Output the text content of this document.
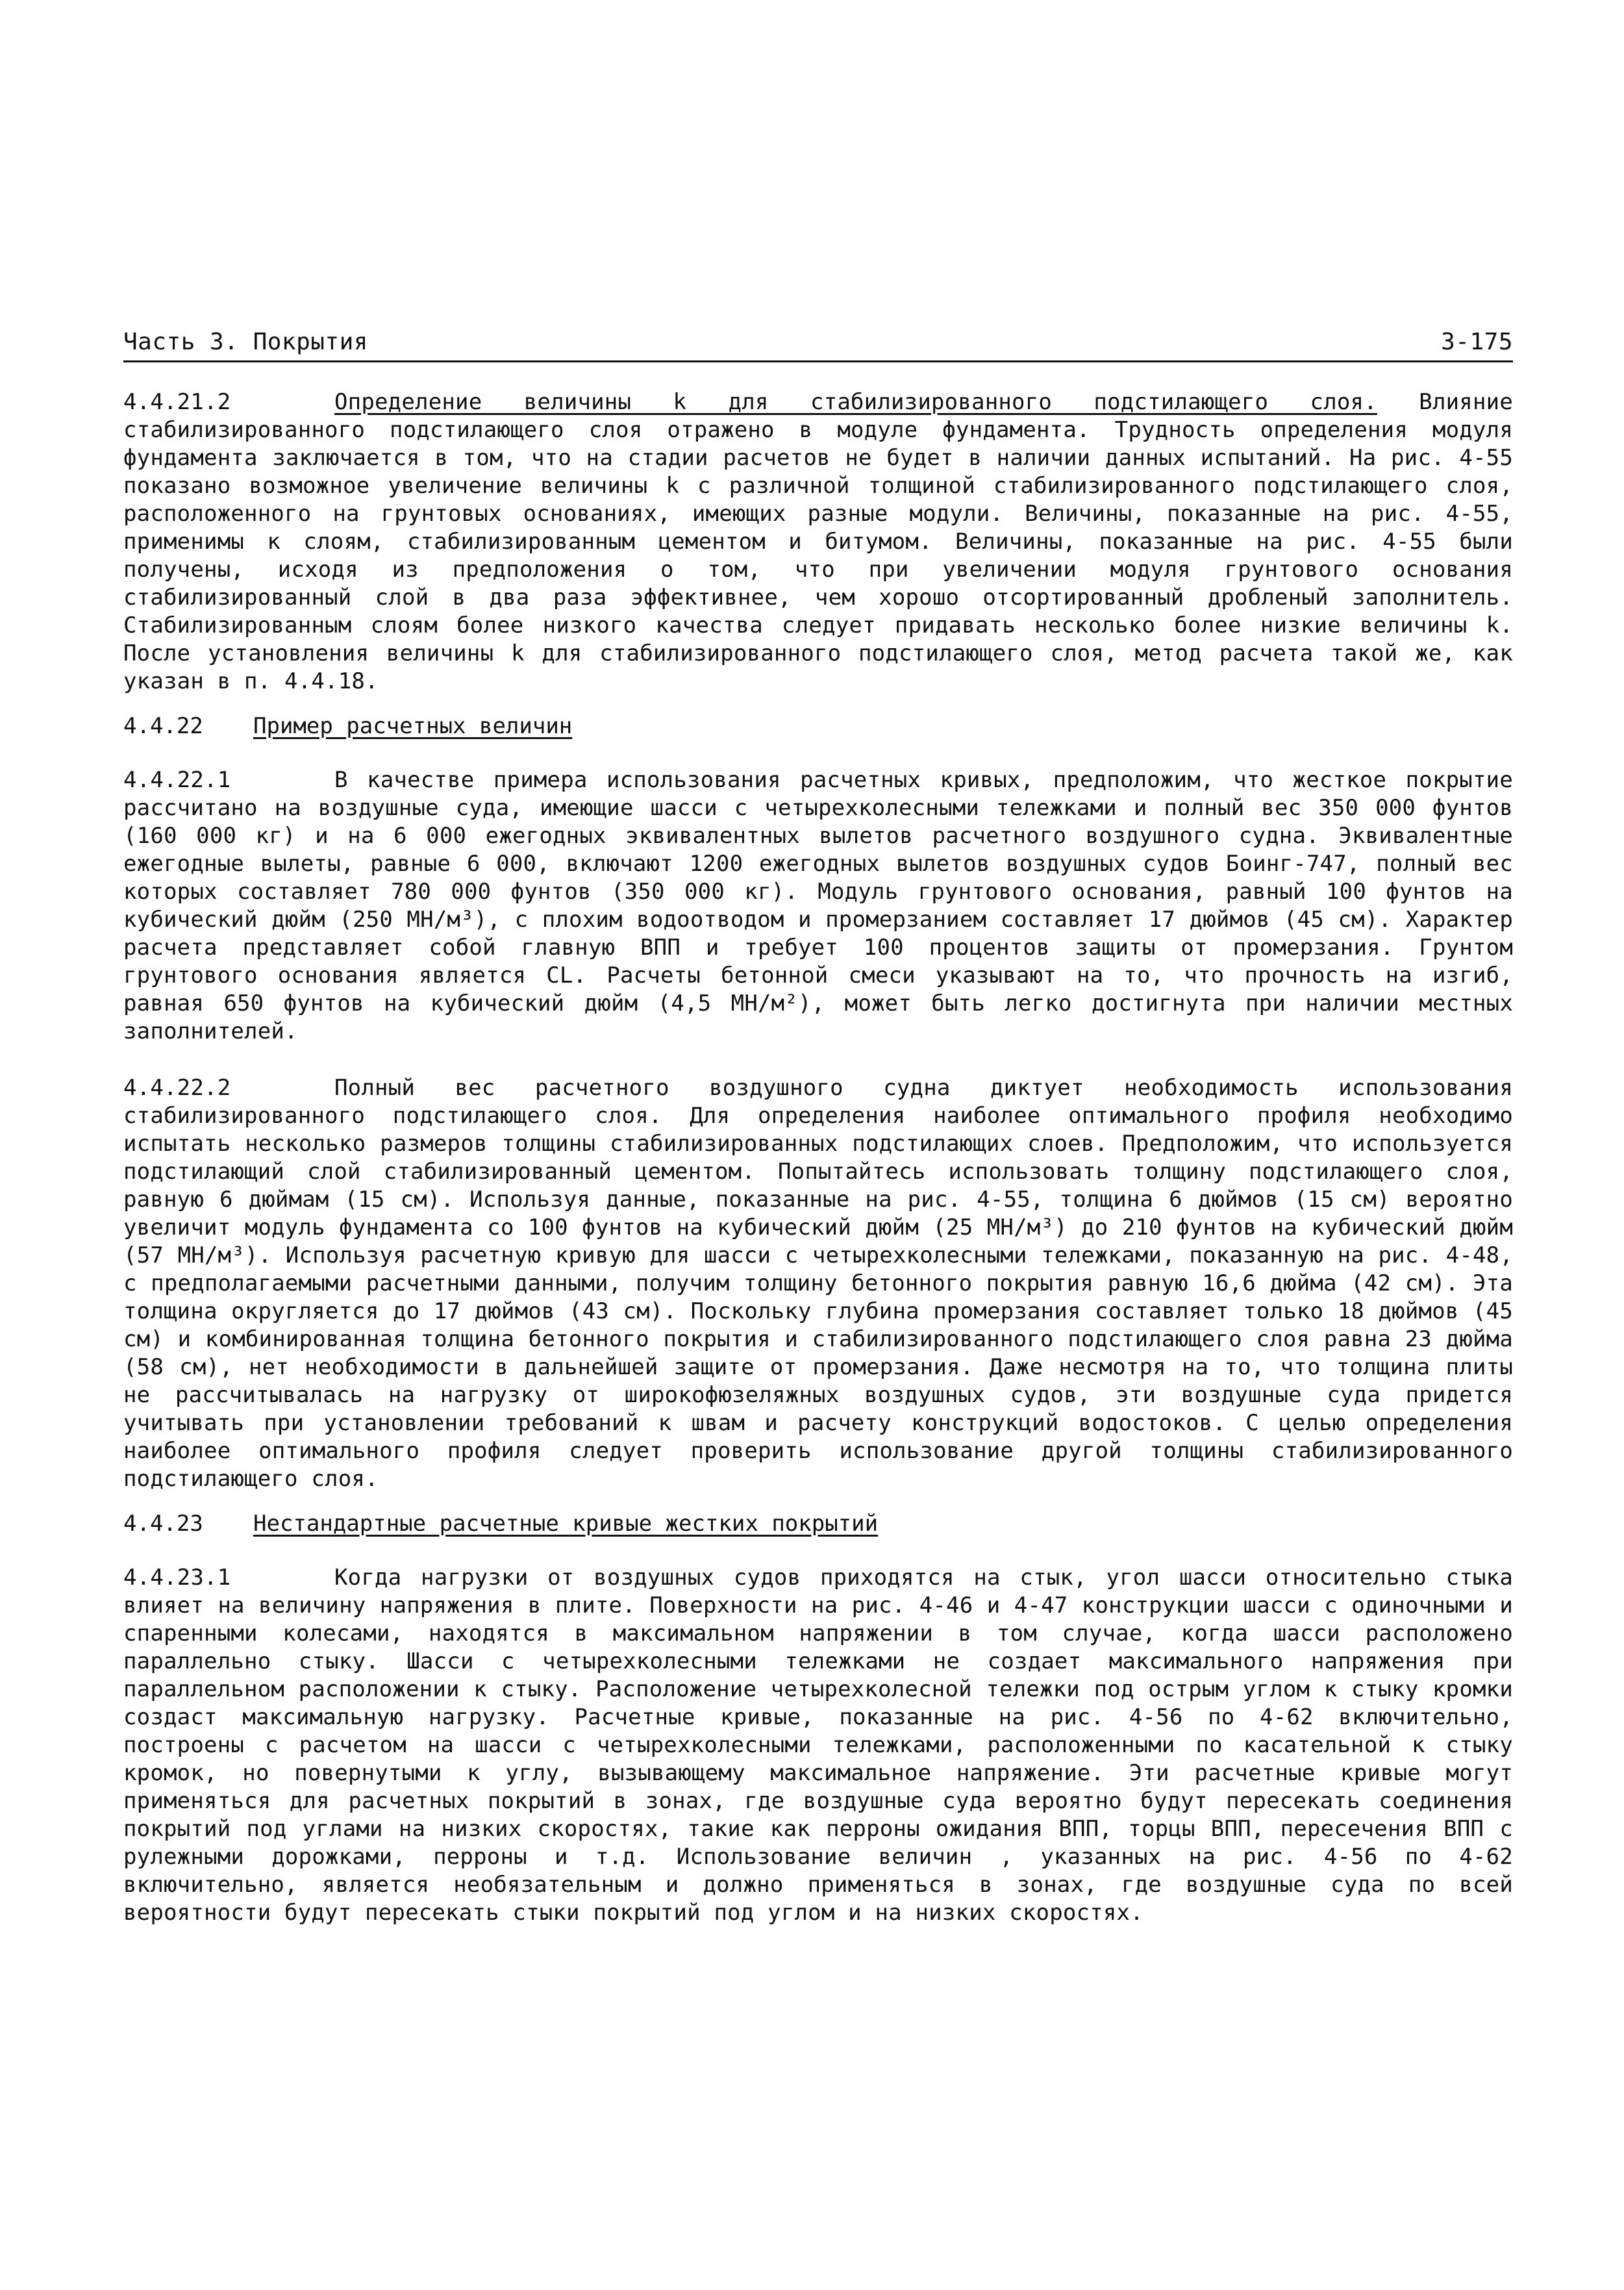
Часть 3. Покрытия	3-175

4.4.21.2	Определение величины k для стабилизированного подстилающего слоя. Влияние стабилизированного подстилающего слоя отражено в модуле фундамента. Трудность определения модуля фундамента заключается в том, что на стадии расчетов не будет в наличии данных испытаний. На рис. 4-55 показано возможное увеличение величины k с различной толщиной стабилизированного подстилающего слоя, расположенного на грунтовых основаниях, имеющих разные модули. Величины, показанные на рис. 4-55, применимы к слоям, стабилизированным цементом и битумом. Величины, показанные на рис. 4-55 были получены, исходя из предположения о том, что при увеличении модуля грунтового основания стабилизированный слой в два раза эффективнее, чем хорошо отсортированный дробленый заполнитель. Стабилизированным слоям более низкого качества следует придавать несколько более низкие величины k. После установления величины k для стабилизированного подстилающего слоя, метод расчета такой же, как указан в п. 4.4.18.

4.4.22 Пример расчетных величин

4.4.22.1	В качестве примера использования расчетных кривых, предположим, что жесткое покрытие рассчитано на воздушные суда, имеющие шасси с четырехколесными тележками и полный вес 350 000 фунтов (160 000 кг) и на 6 000 ежегодных эквивалентных вылетов расчетного воздушного судна. Эквивалентные ежегодные вылеты, равные 6 000, включают 1200 ежегодных вылетов воздушных судов Боинг-747, полный вес которых составляет 780 000 фунтов (350 000 кг). Модуль грунтового основания, равный 100 фунтов на кубический дюйм (250 МН/м³), с плохим водоотводом и промерзанием составляет 17 дюймов (45 см). Характер расчета представляет собой главную ВПП и требует 100 процентов защиты от промерзания. Грунтом грунтового основания является CL. Расчеты бетонной смеси указывают на то, что прочность на изгиб, равная 650 фунтов на кубический дюйм (4,5 МН/м²), может быть легко достигнута при наличии местных заполнителей.

4.4.22.2	Полный вес расчетного воздушного судна диктует необходимость использования стабилизированного подстилающего слоя. Для определения наиболее оптимального профиля необходимо испытать несколько размеров толщины стабилизированных подстилающих слоев. Предположим, что используется подстилающий слой стабилизированный цементом. Попытайтесь использовать толщину подстилающего слоя, равную 6 дюймам (15 см). Используя данные, показанные на рис. 4-55, толщина 6 дюймов (15 см) вероятно увеличит модуль фундамента со 100 фунтов на кубический дюйм (25 МН/м³) до 210 фунтов на кубический дюйм (57 МН/м³). Используя расчетную кривую для шасси с четырехколесными тележками, показанную на рис. 4-48, с предполагаемыми расчетными данными, получим толщину бетонного покрытия равную 16,6 дюйма (42 см). Эта толщина округляется до 17 дюймов (43 см). Поскольку глубина промерзания составляет только 18 дюймов (45 см) и комбинированная толщина бетонного покрытия и стабилизированного подстилающего слоя равна 23 дюйма (58 см), нет необходимости в дальнейшей защите от промерзания. Даже несмотря на то, что толщина плиты не рассчитывалась на нагрузку от широкофюзеляжных воздушных судов, эти воздушные суда придется учитывать при установлении требований к швам и расчету конструкций водостоков. С целью определения наиболее оптимального профиля следует проверить использование другой толщины стабилизированного подстилающего слоя.

4.4.23 Нестандартные расчетные кривые жестких покрытий

4.4.23.1	Когда нагрузки от воздушных судов приходятся на стык, угол шасси относительно стыка влияет на величину напряжения в плите. Поверхности на рис. 4-46 и 4-47 конструкции шасси с одиночными и спаренными колесами, находятся в максимальном напряжении в том случае, когда шасси расположено параллельно стыку. Шасси с четырехколесными тележками не создает максимального напряжения при параллельном расположении к стыку. Расположение четырехколесной тележки под острым углом к стыку кромки создаст максимальную нагрузку. Расчетные кривые, показанные на рис. 4-56 по 4-62 включительно, построены с расчетом на шасси с четырехколесными тележками, расположенными по касательной к стыку кромок, но повернутыми к углу, вызывающему максимальное напряжение. Эти расчетные кривые могут применяться для расчетных покрытий в зонах, где воздушные суда вероятно будут пересекать соединения покрытий под углами на низких скоростях, такие как перроны ожидания ВПП, торцы ВПП, пересечения ВПП с рулежными дорожками, перроны и т.д. Использование величин , указанных на рис. 4-56 по 4-62 включительно, является необязательным и должно применяться в зонах, где воздушные суда по всей вероятности будут пересекать стыки покрытий под углом и на низких скоростях.
